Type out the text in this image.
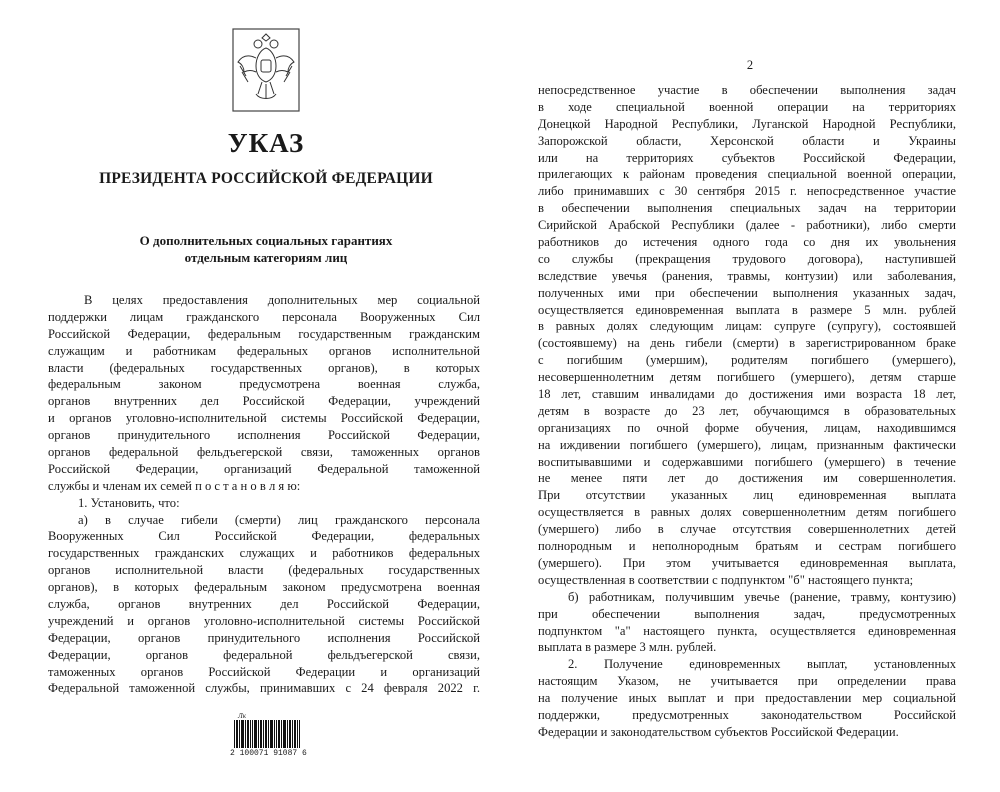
УКАЗ
ПРЕЗИДЕНТА РОССИЙСКОЙ ФЕДЕРАЦИИ
О дополнительных социальных гарантиях
отдельным категориям лиц
В целях предоставления дополнительных мер социальной
поддержки лицам гражданского персонала Вооруженных Сил
Российской Федерации, федеральным государственным гражданским
служащим и работникам федеральных органов исполнительной
власти (федеральных государственных органов), в которых
федеральным законом предусмотрена военная служба,
органов внутренних дел Российской Федерации, учреждений
и органов уголовно-исполнительной системы Российской Федерации,
органов принудительного исполнения Российской Федерации,
органов федеральной фельдъегерской связи, таможенных органов
Российской Федерации, организаций Федеральной таможенной
службы и членам их семей п о с т а н о в л я ю:
1. Установить, что:
а) в случае гибели (смерти) лиц гражданского персонала
Вооруженных Сил Российской Федерации, федеральных
государственных гражданских служащих и работников федеральных
органов исполнительной власти (федеральных государственных
органов), в которых федеральным законом предусмотрена военная
служба, органов внутренних дел Российской Федерации,
учреждений и органов уголовно-исполнительной системы Российской
Федерации, органов принудительного исполнения Российской
Федерации, органов федеральной фельдъегерской связи,
таможенных органов Российской Федерации и организаций
Федеральной таможенной службы, принимавших с 24 февраля 2022 г.
Лк
2 100071 91087 6
2
непосредственное участие в обеспечении выполнения задач
в ходе специальной военной операции на территориях
Донецкой Народной Республики, Луганской Народной Республики,
Запорожской области, Херсонской области и Украины
или на территориях субъектов Российской Федерации,
прилегающих к районам проведения специальной военной операции,
либо принимавших с 30 сентября 2015 г. непосредственное участие
в обеспечении выполнения специальных задач на территории
Сирийской Арабской Республики (далее - работники), либо смерти
работников до истечения одного года со дня их увольнения
со службы (прекращения трудового договора), наступившей
вследствие увечья (ранения, травмы, контузии) или заболевания,
полученных ими при обеспечении выполнения указанных задач,
осуществляется единовременная выплата в размере 5 млн. рублей
в равных долях следующим лицам: супруге (супругу), состоявшей
(состоявшему) на день гибели (смерти) в зарегистрированном браке
с погибшим (умершим), родителям погибшего (умершего),
несовершеннолетним детям погибшего (умершего), детям старше
18 лет, ставшим инвалидами до достижения ими возраста 18 лет,
детям в возрасте до 23 лет, обучающимся в образовательных
организациях по очной форме обучения, лицам, находившимся
на иждивении погибшего (умершего), лицам, признанным фактически
воспитывавшими и содержавшими погибшего (умершего) в течение
не менее пяти лет до достижения им совершеннолетия.
При отсутствии указанных лиц единовременная выплата
осуществляется в равных долях совершеннолетним детям погибшего
(умершего) либо в случае отсутствия совершеннолетних детей
полнородным и неполнородным братьям и сестрам погибшего
(умершего). При этом учитывается единовременная выплата,
осуществленная в соответствии с подпунктом "б" настоящего пункта;
б) работникам, получившим увечье (ранение, травму, контузию)
при обеспечении выполнения задач, предусмотренных
подпунктом "а" настоящего пункта, осуществляется единовременная
выплата в размере 3 млн. рублей.
2. Получение единовременных выплат, установленных
настоящим Указом, не учитывается при определении права
на получение иных выплат и при предоставлении мер социальной
поддержки, предусмотренных законодательством Российской
Федерации и законодательством субъектов Российской Федерации.
